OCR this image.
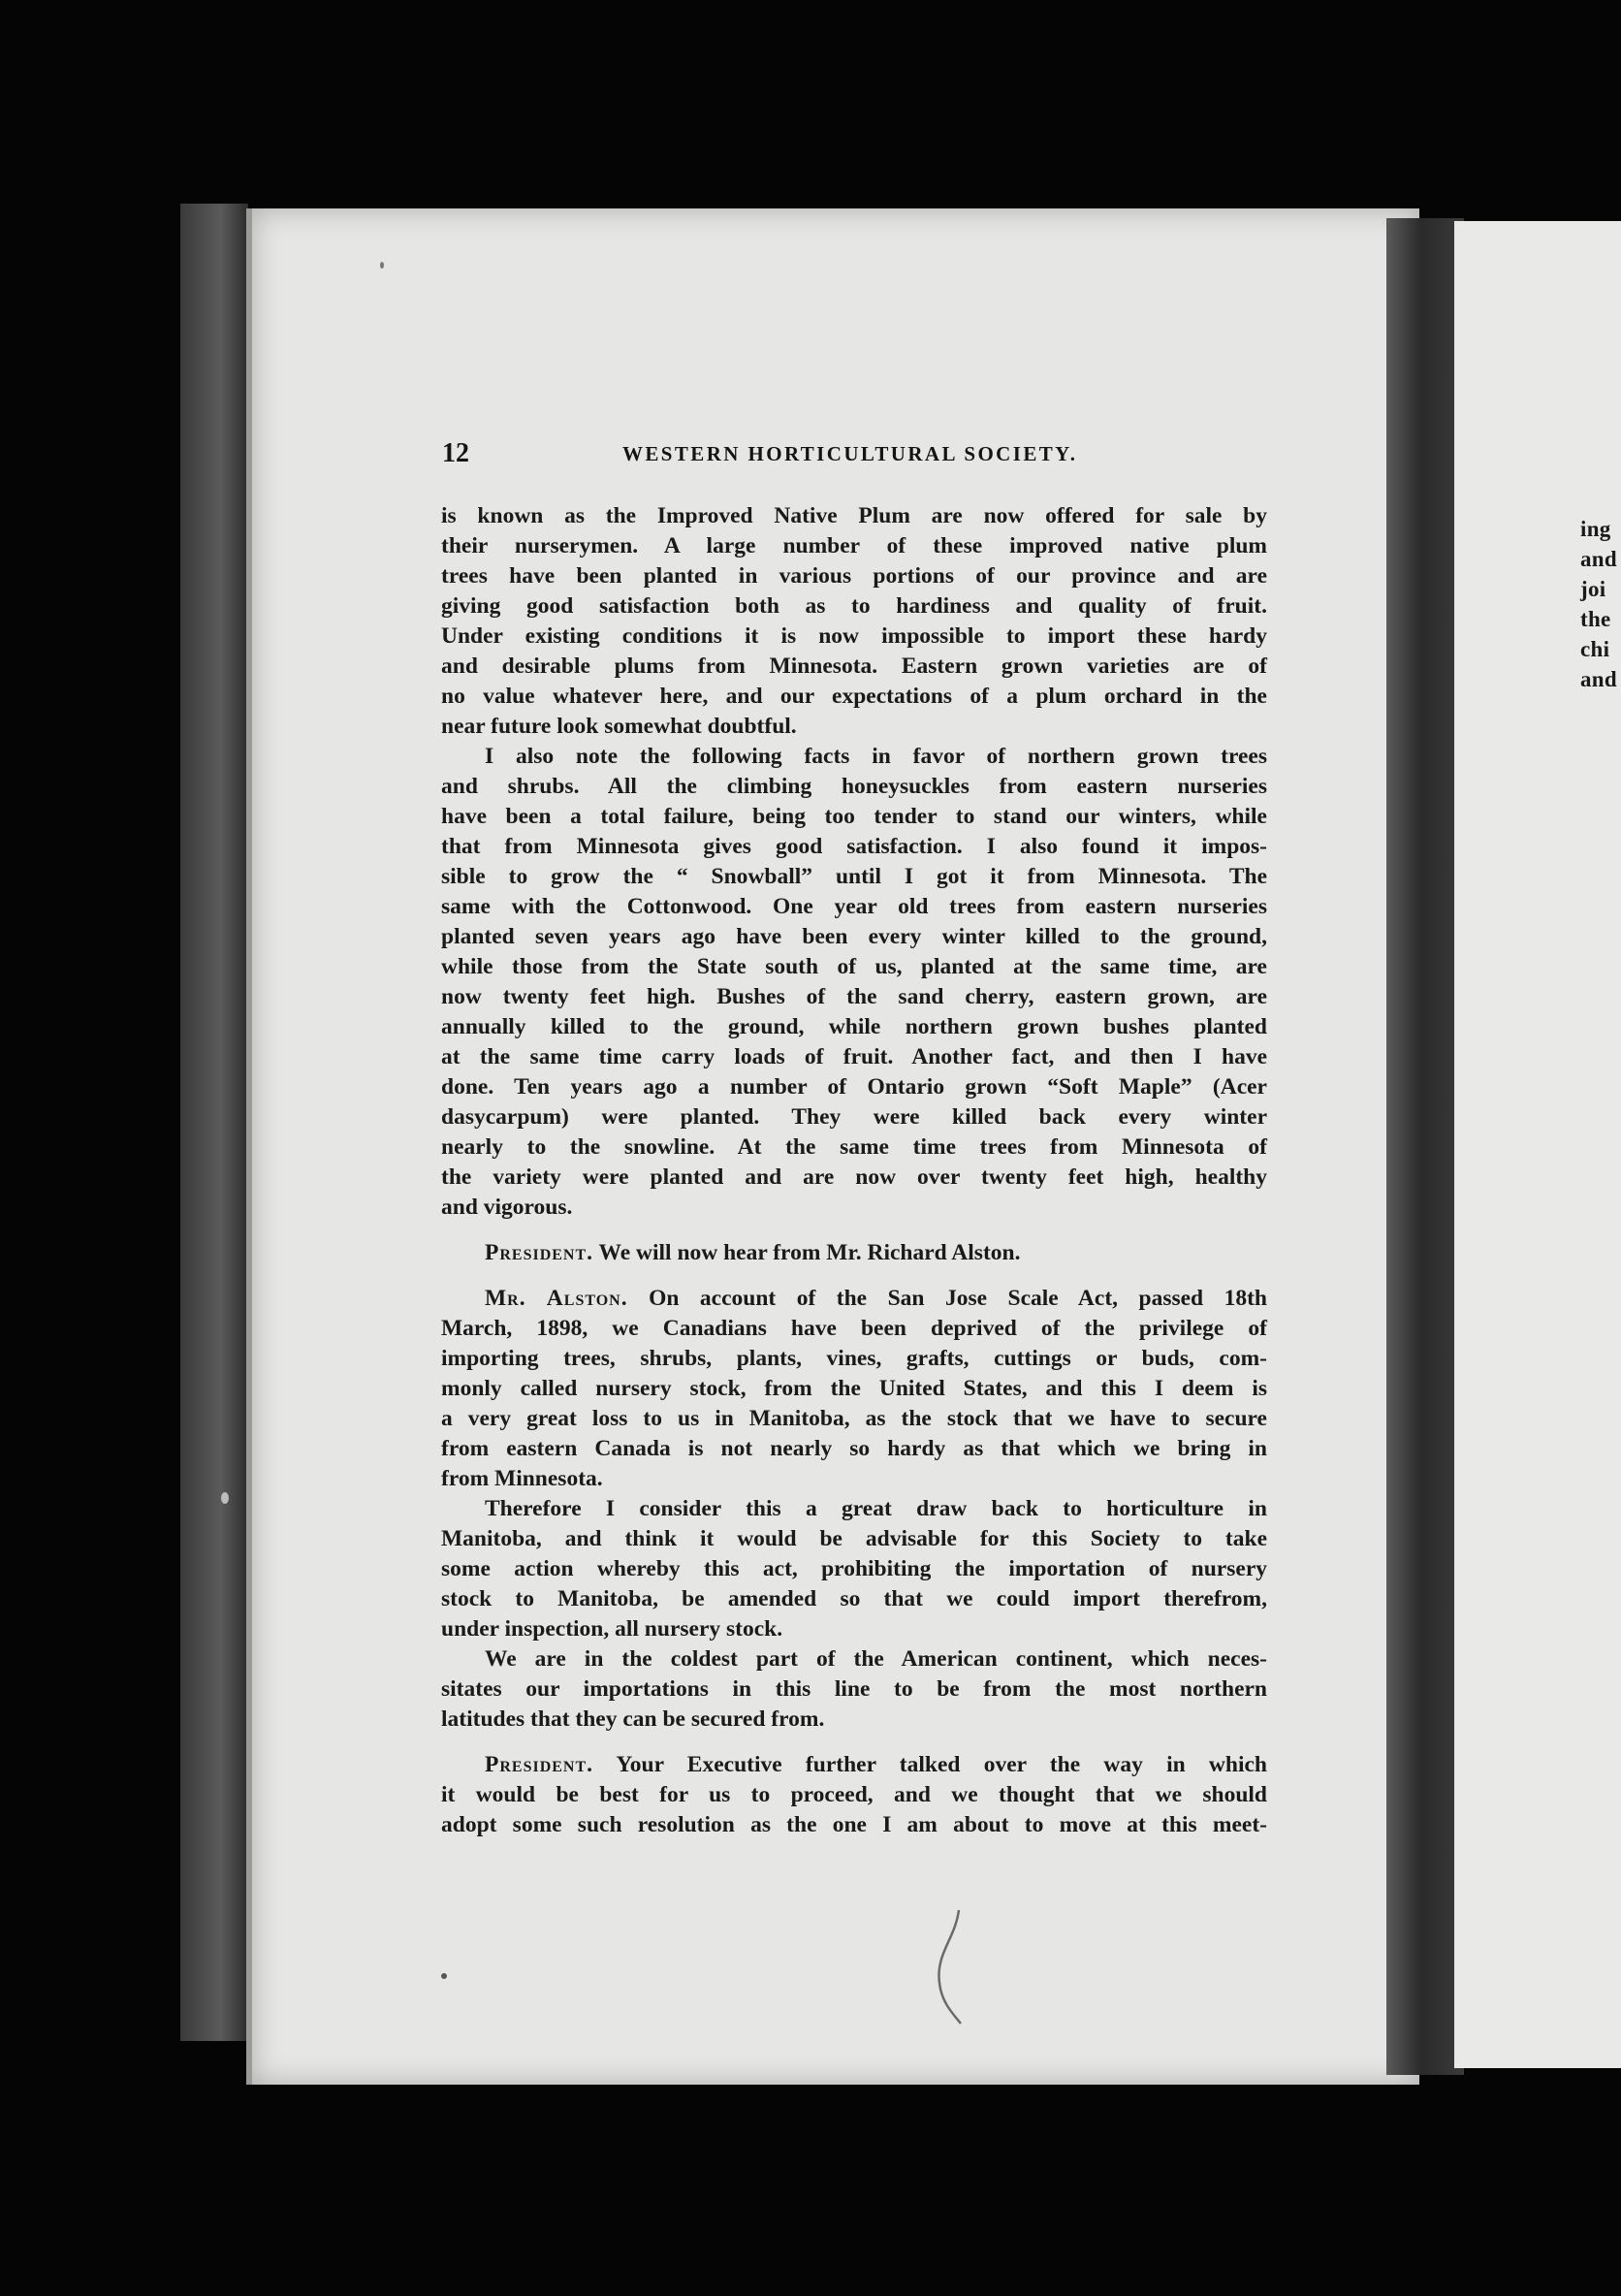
ing
and
joi
the
chi
and
12	WESTERN HORTICULTURAL SOCIETY.
is known as the Improved Native Plum are now offered for sale by
their nurserymen. A large number of these improved native plum
trees have been planted in various portions of our province and are
giving good satisfaction both as to hardiness and quality of fruit.
Under existing conditions it is now impossible to import these hardy
and desirable plums from Minnesota. Eastern grown varieties are of
no value whatever here, and our expectations of a plum orchard in the
near future look somewhat doubtful.
I also note the following facts in favor of northern grown trees
and shrubs. All the climbing honeysuckles from eastern nurseries
have been a total failure, being too tender to stand our winters, while
that from Minnesota gives good satisfaction. I also found it impos-
sible to grow the “ Snowball” until I got it from Minnesota. The
same with the Cottonwood. One year old trees from eastern nurseries
planted seven years ago have been every winter killed to the ground,
while those from the State south of us, planted at the same time, are
now twenty feet high. Bushes of the sand cherry, eastern grown, are
annually killed to the ground, while northern grown bushes planted
at the same time carry loads of fruit. Another fact, and then I have
done. Ten years ago a number of Ontario grown “Soft Maple” (Acer
dasycarpum) were planted. They were killed back every winter
nearly to the snowline. At the same time trees from Minnesota of
the variety were planted and are now over twenty feet high, healthy
and vigorous.
President. We will now hear from Mr. Richard Alston.
Mr. Alston. On account of the San Jose Scale Act, passed 18th
March, 1898, we Canadians have been deprived of the privilege of
importing trees, shrubs, plants, vines, grafts, cuttings or buds, com-
monly called nursery stock, from the United States, and this I deem is
a very great loss to us in Manitoba, as the stock that we have to secure
from eastern Canada is not nearly so hardy as that which we bring in
from Minnesota.
Therefore I consider this a great draw back to horticulture in
Manitoba, and think it would be advisable for this Society to take
some action whereby this act, prohibiting the importation of nursery
stock to Manitoba, be amended so that we could import therefrom,
under inspection, all nursery stock.
We are in the coldest part of the American continent, which neces-
sitates our importations in this line to be from the most northern
latitudes that they can be secured from.
President. Your Executive further talked over the way in which
it would be best for us to proceed, and we thought that we should
adopt some such resolution as the one I am about to move at this meet-
